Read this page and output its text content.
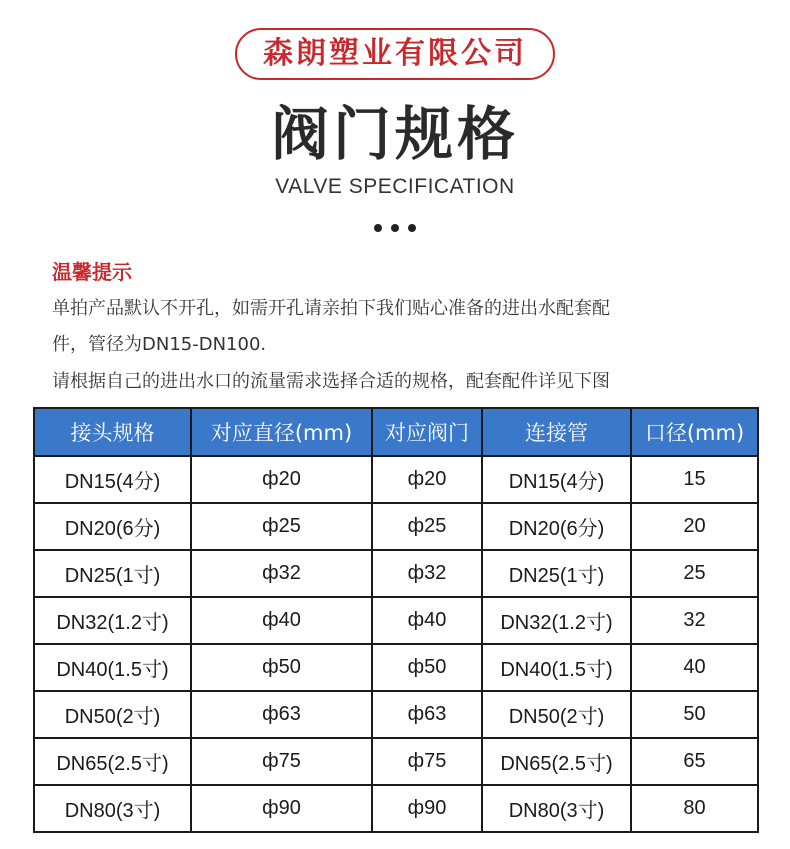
森朗塑业有限公司
阀门规格
VALVE SPECIFICATION
温馨提示
单拍产品默认不开孔，如需开孔请亲拍下我们贴心准备的进出水配套配
件，管径为DN15-DN100.
请根据自己的进出水口的流量需求选择合适的规格，配套配件详见下图
接头规格	对应直径(mm)	对应阀门	连接管	口径(mm)
DN15(4分)	ф20	ф20	DN15(4分)	15
DN20(6分)	ф25	ф25	DN20(6分)	20
DN25(1寸)	ф32	ф32	DN25(1寸)	25
DN32(1.2寸)	ф40	ф40	DN32(1.2寸)	32
DN40(1.5寸)	ф50	ф50	DN40(1.5寸)	40
DN50(2寸)	ф63	ф63	DN50(2寸)	50
DN65(2.5寸)	ф75	ф75	DN65(2.5寸)	65
DN80(3寸)	ф90	ф90	DN80(3寸)	80
